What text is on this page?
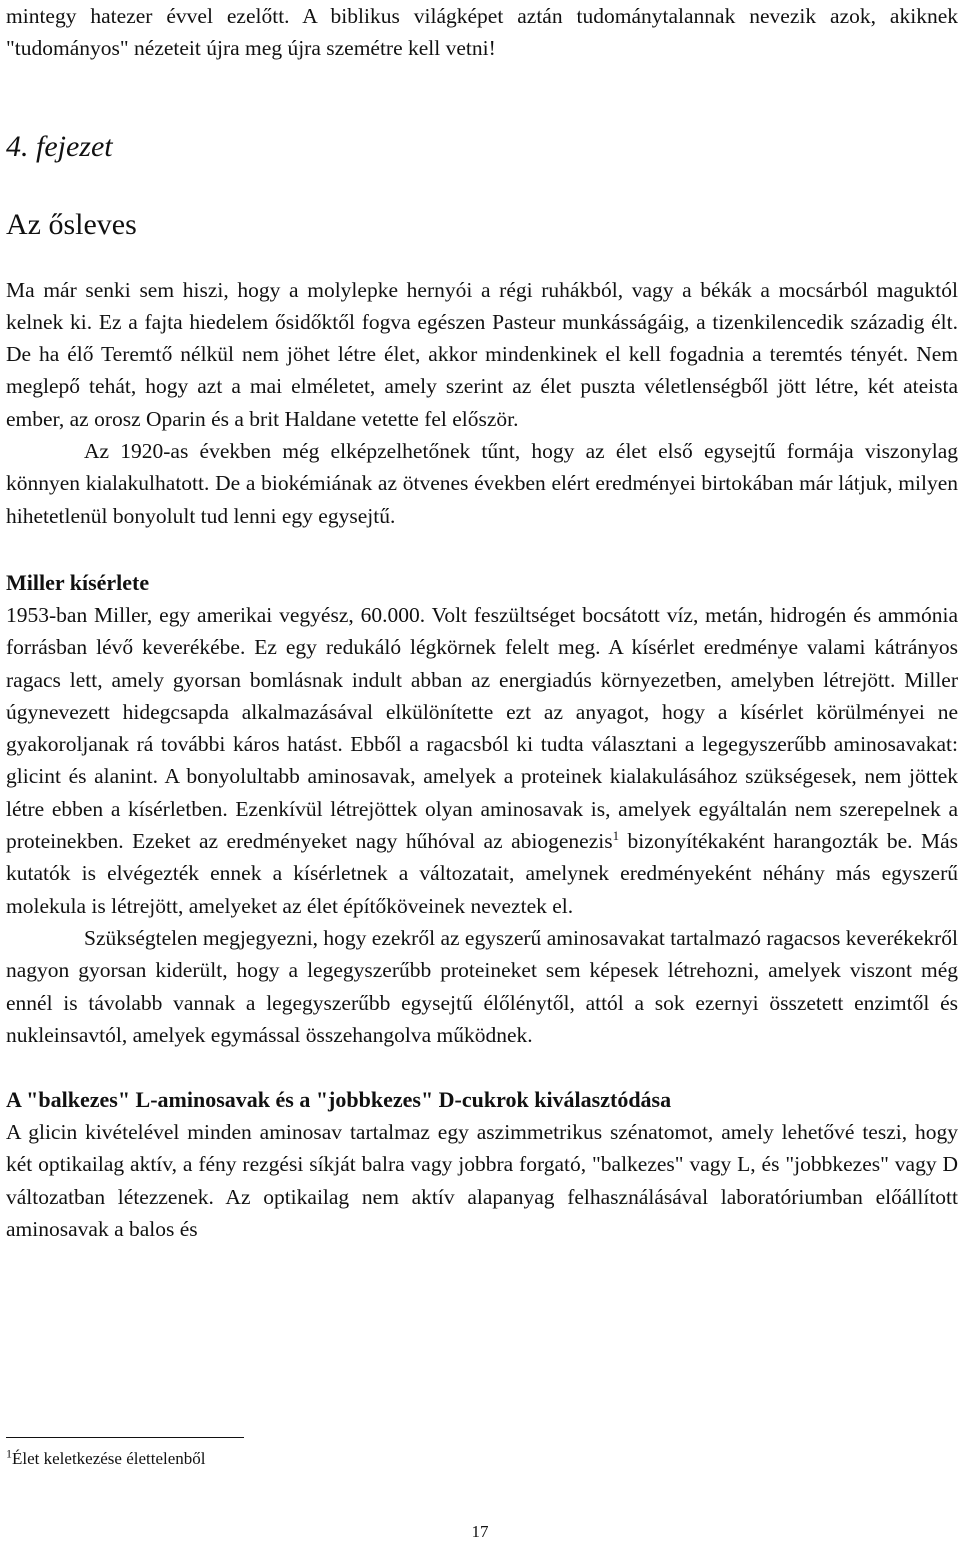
mintegy hatezer évvel ezelőtt. A biblikus világképet aztán tudománytalannak nevezik azok, akiknek "tudományos" nézeteit újra meg újra szemétre kell vetni!

4. fejezet
Az ősleves

Ma már senki sem hiszi, hogy a molylepke hernyói a régi ruhákból, vagy a békák a mocsárból maguktól kelnek ki. Ez a fajta hiedelem ősidőktől fogva egészen Pasteur munkásságáig, a tizenkilencedik századig élt. De ha élő Teremtő nélkül nem jöhet létre élet, akkor mindenkinek el kell fogadnia a teremtés tényét. Nem meglepő tehát, hogy azt a mai elméletet, amely szerint az élet puszta véletlenségből jött létre, két ateista ember, az orosz Oparin és a brit Haldane vetette fel először.

Az 1920-as években még elképzelhetőnek tűnt, hogy az élet első egysejtű formája viszonylag könnyen kialakulhatott. De a biokémiának az ötvenes években elért eredményei birtokában már látjuk, milyen hihetetlenül bonyolult tud lenni egy egysejtű.

Miller kísérlete

1953-ban Miller, egy amerikai vegyész, 60.000. Volt feszültséget bocsátott víz, metán, hidrogén és ammónia forrásban lévő keverékébe. Ez egy redukáló légkörnek felelt meg. A kísérlet eredménye valami kátrányos ragacs lett, amely gyorsan bomlásnak indult abban az energiadús környezetben, amelyben létrejött. Miller úgynevezett hidegcsapda alkalmazásával elkülönítette ezt az anyagot, hogy a kísérlet körülményei ne gyakoroljanak rá további káros hatást. Ebből a ragacsból ki tudta választani a legegyszerűbb aminosavakat: glicint és alanint. A bonyolultabb aminosavak, amelyek a proteinek kialakulásához szükségesek, nem jöttek létre ebben a kísérletben. Ezenkívül létrejöttek olyan aminosavak is, amelyek egyáltalán nem szerepelnek a proteinekben. Ezeket az eredményeket nagy hűhóval az abiogenezis$^1$ bizonyítékaként harangozták be. Más kutatók is elvégezték ennek a kísérletnek a változatait, amelynek eredményeként néhány más egyszerű molekula is létrejött, amelyeket az élet építőköveinek neveztek el.

Szükségtelen megjegyezni, hogy ezekről az egyszerű aminosavakat tartalmazó ragacsos keverékekről nagyon gyorsan kiderült, hogy a legegyszerűbb proteineket sem képesek létrehozni, amelyek viszont még ennél is távolabb vannak a legegyszerűbb egysejtű élőlénytől, attól a sok ezernyi összetett enzimtől és nukleinsavtól, amelyek egymással összehangolva működnek.

A "balkezes" L-aminosavak és a "jobbkezes" D-cukrok kiválasztódása

A glicin kivételével minden aminosav tartalmaz egy aszimmetrikus szénatomot, amely lehetővé teszi, hogy két optikailag aktív, a fény rezgési síkját balra vagy jobbra forgató, "balkezes" vagy L, és "jobbkezes" vagy D változatban létezzenek. Az optikailag nem aktív alapanyag felhasználásával laboratóriumban előállított aminosavak a balos és

$^1$Élet keletkezése élettelenből
17
